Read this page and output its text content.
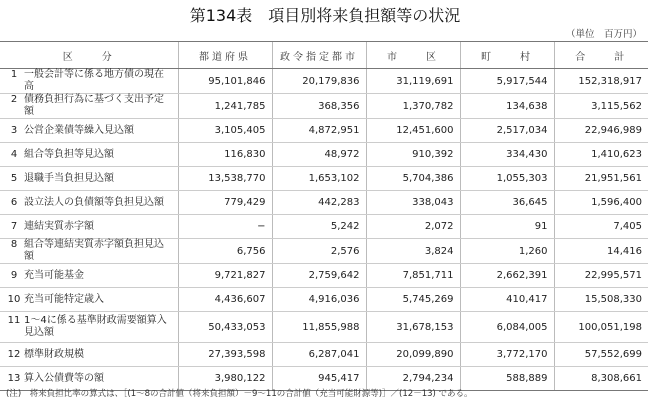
第134表　項目別将来負担額等の状況
（単位　百万円）
区　　分	都道府県	政令指定都市	市　　区	町　　村	合　　計

1 一般会計等に係る地方債の現在高	95,101,846	20,179,836	31,119,691	5,917,544	152,318,917

2 債務負担行為に基づく支出予定額	1,241,785	368,356	1,370,782	134,638	3,115,562

3 公営企業債等繰入見込額	3,105,405	4,872,951	12,451,600	2,517,034	22,946,989

4 組合等負担等見込額	116,830	48,972	910,392	334,430	1,410,623

5 退職手当負担見込額	13,538,770	1,653,102	5,704,386	1,055,303	21,951,561

6 設立法人の負債額等負担見込額	779,429	442,283	338,043	36,645	1,596,400

7 連結実質赤字額	−	5,242	2,072	91	7,405

8 組合等連結実質赤字額負担見込額	6,756	2,576	3,824	1,260	14,416

9 充当可能基金	9,721,827	2,759,642	7,851,711	2,662,391	22,995,571

10 充当可能特定歳入	4,436,607	4,916,036	5,745,269	410,417	15,508,330

11 1〜4に係る基準財政需要額算入見込額	50,433,053	11,855,988	31,678,153	6,084,005	100,051,198

12 標準財政規模	27,393,598	6,287,041	20,099,890	3,772,170	57,552,699

13 算入公債費等の額	3,980,122	945,417	2,794,234	588,889	8,308,661
(注)　将来負担比率の算式は、［(1〜8の合計値（将来負担額）－9〜11の合計値（充当可能財源等)］／(12－13) である。
